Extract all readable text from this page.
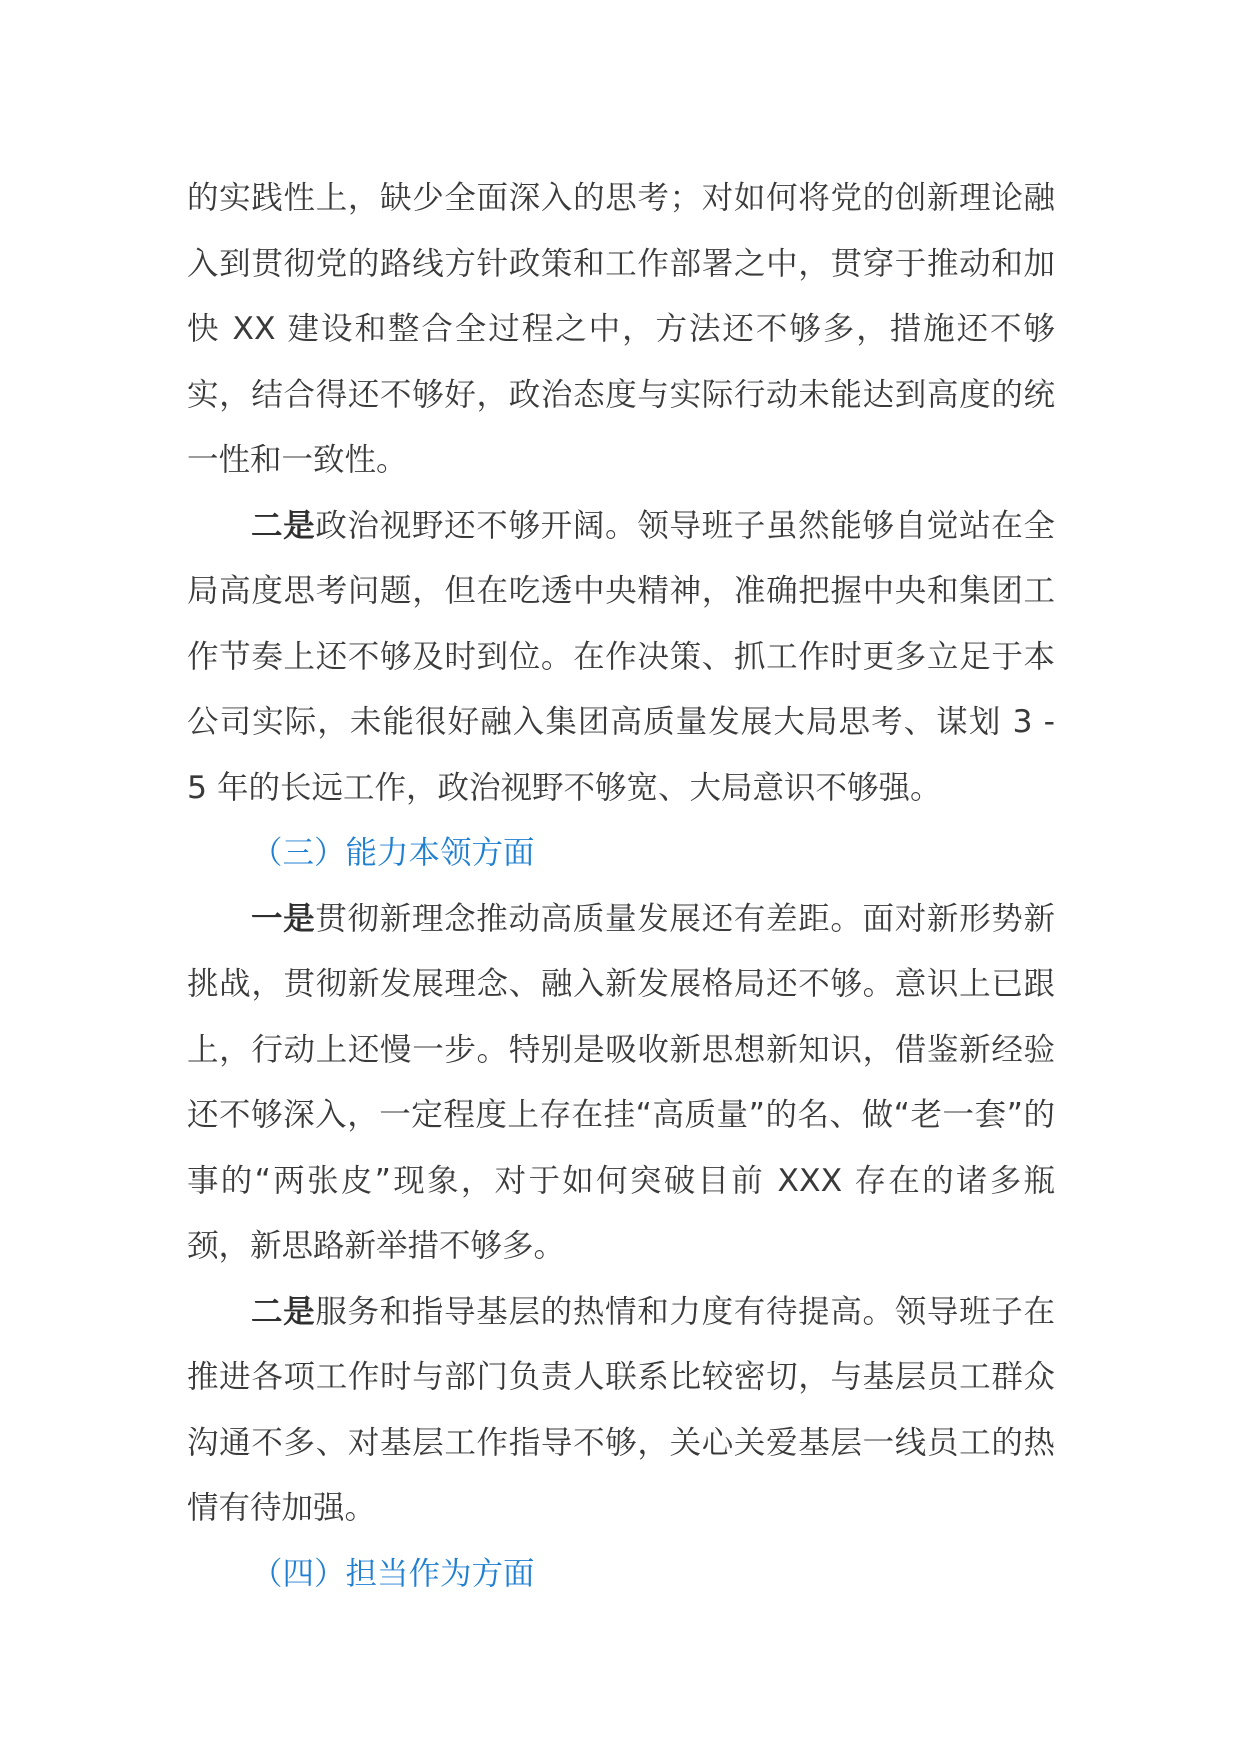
的实践性上，缺少全面深入的思考；对如何将党的创新理论融入到贯彻党的路线方针政策和工作部署之中，贯穿于推动和加快 XX 建设和整合全过程之中，方法还不够多，措施还不够实，结合得还不够好，政治态度与实际行动未能达到高度的统一性和一致性。

二是政治视野还不够开阔。领导班子虽然能够自觉站在全局高度思考问题，但在吃透中央精神，准确把握中央和集团工作节奏上还不够及时到位。在作决策、抓工作时更多立足于本公司实际，未能很好融入集团高质量发展大局思考、谋划 3 - 5 年的长远工作，政治视野不够宽、大局意识不够强。

（三）能力本领方面

一是贯彻新理念推动高质量发展还有差距。面对新形势新挑战，贯彻新发展理念、融入新发展格局还不够。意识上已跟上，行动上还慢一步。特别是吸收新思想新知识，借鉴新经验还不够深入，一定程度上存在挂“高质量”的名、做“老一套”的事的“两张皮”现象，对于如何突破目前 XXX 存在的诸多瓶颈，新思路新举措不够多。

二是服务和指导基层的热情和力度有待提高。领导班子在推进各项工作时与部门负责人联系比较密切，与基层员工群众沟通不多、对基层工作指导不够，关心关爱基层一线员工的热情有待加强。

（四）担当作为方面
